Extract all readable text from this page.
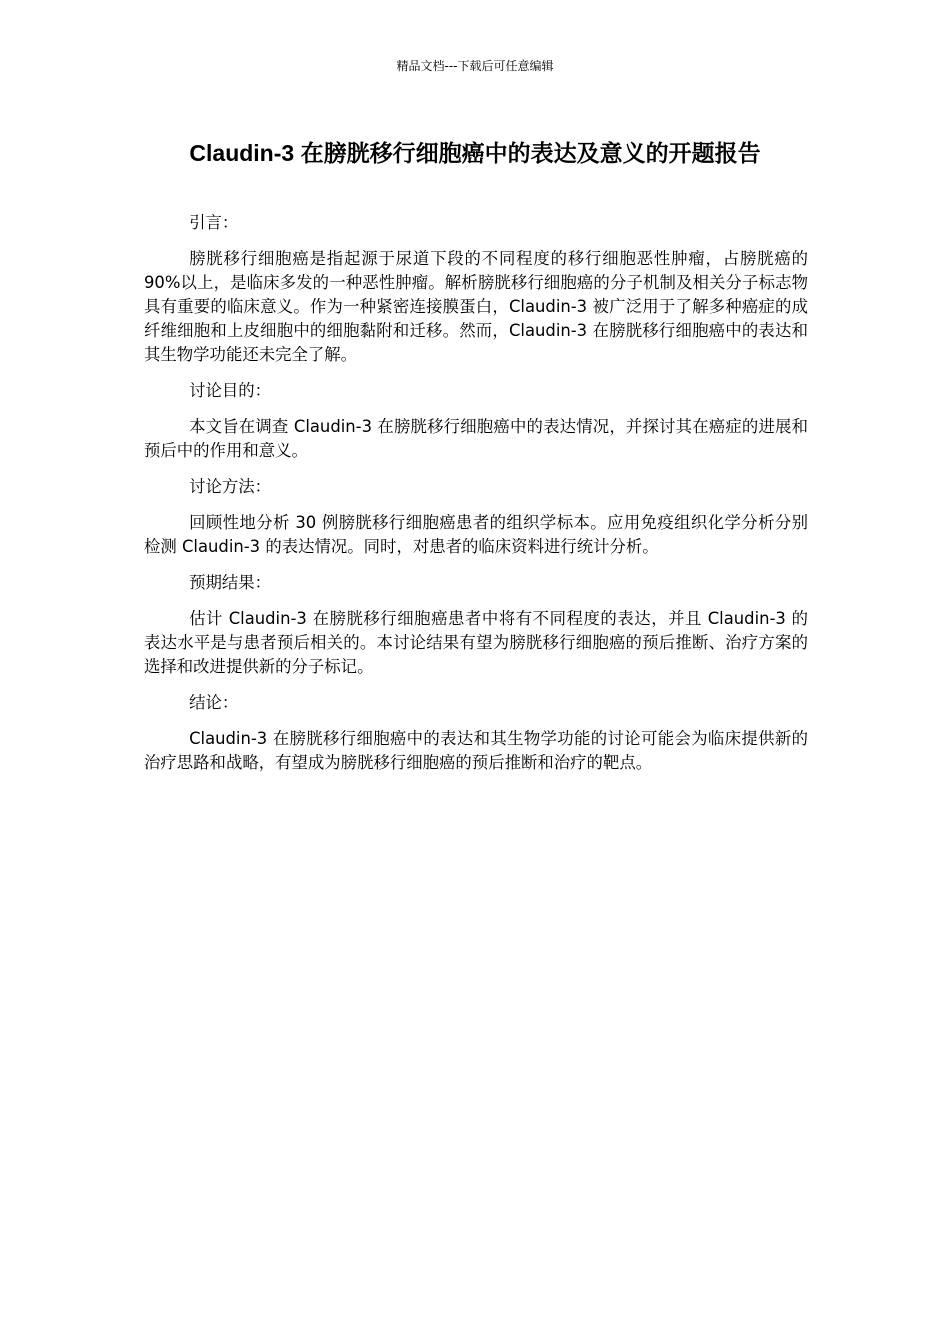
精品文档---下载后可任意编辑
Claudin-3 在膀胱移行细胞癌中的表达及意义的开题报告

引言：

膀胱移行细胞癌是指起源于尿道下段的不同程度的移行细胞恶性肿瘤，占膀胱癌的 90%以上，是临床多发的一种恶性肿瘤。解析膀胱移行细胞癌的分子机制及相关分子标志物具有重要的临床意义。作为一种紧密连接膜蛋白，Claudin-3 被广泛用于了解多种癌症的成纤维细胞和上皮细胞中的细胞黏附和迁移。然而，Claudin-3 在膀胱移行细胞癌中的表达和其生物学功能还未完全了解。

讨论目的：

本文旨在调查 Claudin-3 在膀胱移行细胞癌中的表达情况，并探讨其在癌症的进展和预后中的作用和意义。

讨论方法：

回顾性地分析 30 例膀胱移行细胞癌患者的组织学标本。应用免疫组织化学分析分别检测 Claudin-3 的表达情况。同时，对患者的临床资料进行统计分析。

预期结果：

估计 Claudin-3 在膀胱移行细胞癌患者中将有不同程度的表达，并且 Claudin-3 的表达水平是与患者预后相关的。本讨论结果有望为膀胱移行细胞癌的预后推断、治疗方案的选择和改进提供新的分子标记。

结论：

Claudin-3 在膀胱移行细胞癌中的表达和其生物学功能的讨论可能会为临床提供新的治疗思路和战略，有望成为膀胱移行细胞癌的预后推断和治疗的靶点。
